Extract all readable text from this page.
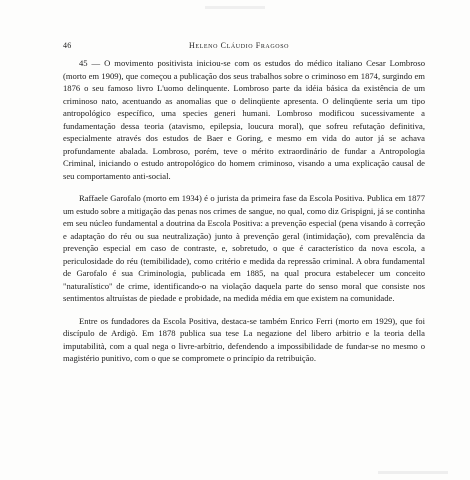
46	Heleno Cláudio Fragoso

45 — O movimento positivista iniciou-se com os estudos do médico italiano Cesar Lombroso (morto em 1909), que começou a publicação dos seus trabalhos sobre o criminoso em 1874, surgindo em 1876 o seu famoso livro L'uomo delinquente. Lombroso parte da idéia básica da existência de um criminoso nato, acentuando as anomalias que o delinqüente apresenta. O delinqüente seria um tipo antropológico específico, uma species generi humani. Lombroso modificou sucessivamente a fundamentação dessa teoria (atavismo, epilepsia, loucura moral), que sofreu refutação definitiva, especialmente através dos estudos de Baer e Goring, e mesmo em vida do autor já se achava profundamente abalada. Lombroso, porém, teve o mérito extraordinário de fundar a Antropologia Criminal, iniciando o estudo antropológico do homem criminoso, visando a uma explicação causal de seu comportamento anti-social.

Raffaele Garofalo (morto em 1934) é o jurista da primeira fase da Escola Positiva. Publica em 1877 um estudo sobre a mitigação das penas nos crimes de sangue, no qual, como diz Grispigni, já se continha em seu núcleo fundamental a doutrina da Escola Positiva: a prevenção especial (pena visando à correção e adaptação do réu ou sua neutralização) junto à prevenção geral (intimidação), com prevalência da prevenção especial em caso de contraste, e, sobretudo, o que é característico da nova escola, a periculosidade do réu (temibilidade), como critério e medida da repressão criminal. A obra fundamental de Garofalo é sua Criminologia, publicada em 1885, na qual procura estabelecer um conceito "naturalístico" de crime, identificando-o na violação daquela parte do senso moral que consiste nos sentimentos altruístas de piedade e probidade, na medida média em que existem na comunidade.

Entre os fundadores da Escola Positiva, destaca-se também Enrico Ferri (morto em 1929), que foi discípulo de Ardigò. Em 1878 publica sua tese La negazione del libero arbitrio e la teoria della imputabilità, com a qual nega o livre-arbítrio, defendendo a impossibilidade de fundar-se no mesmo o magistério punitivo, com o que se compromete o princípio da retribuição.
